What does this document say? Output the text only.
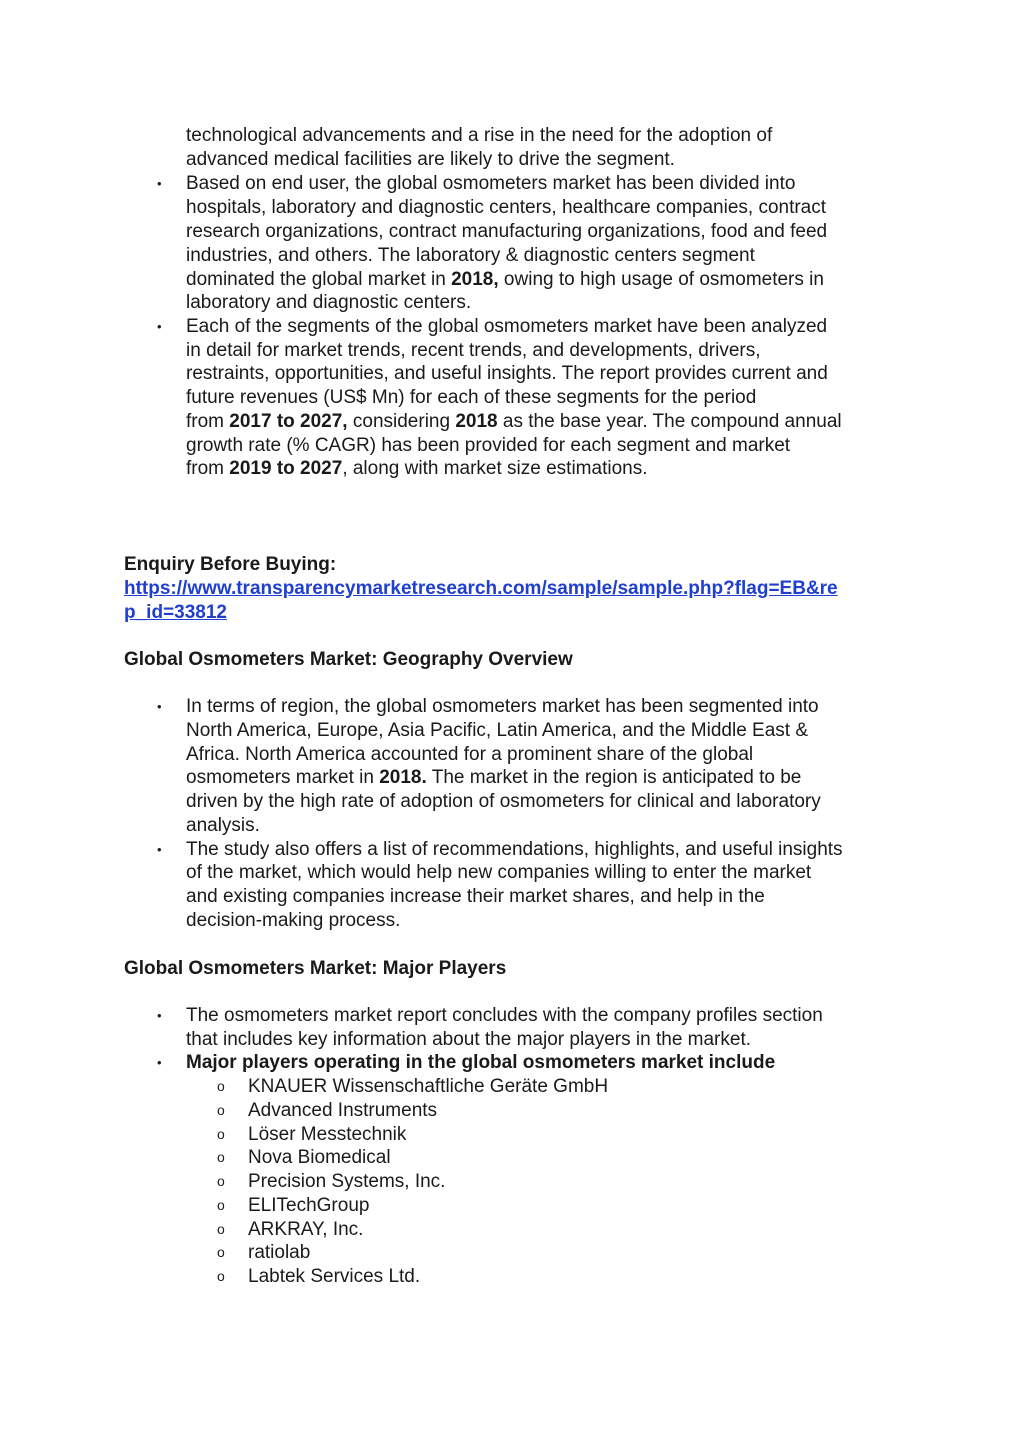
technological advancements and a rise in the need for the adoption of
advanced medical facilities are likely to drive the segment.
• Based on end user, the global osmometers market has been divided into
hospitals, laboratory and diagnostic centers, healthcare companies, contract
research organizations, contract manufacturing organizations, food and feed
industries, and others. The laboratory & diagnostic centers segment
dominated the global market in 2018, owing to high usage of osmometers in
laboratory and diagnostic centers.
• Each of the segments of the global osmometers market have been analyzed
in detail for market trends, recent trends, and developments, drivers,
restraints, opportunities, and useful insights. The report provides current and
future revenues (US$ Mn) for each of these segments for the period
from 2017 to 2027, considering 2018 as the base year. The compound annual
growth rate (% CAGR) has been provided for each segment and market
from 2019 to 2027, along with market size estimations.
Enquiry Before Buying:
https://www.transparencymarketresearch.com/sample/sample.php?flag=EB&re
p_id=33812
Global Osmometers Market: Geography Overview
• In terms of region, the global osmometers market has been segmented into
North America, Europe, Asia Pacific, Latin America, and the Middle East &
Africa. North America accounted for a prominent share of the global
osmometers market in 2018. The market in the region is anticipated to be
driven by the high rate of adoption of osmometers for clinical and laboratory
analysis.
• The study also offers a list of recommendations, highlights, and useful insights
of the market, which would help new companies willing to enter the market
and existing companies increase their market shares, and help in the
decision-making process.
Global Osmometers Market: Major Players
• The osmometers market report concludes with the company profiles section
that includes key information about the major players in the market.
• Major players operating in the global osmometers market include
o KNAUER Wissenschaftliche Geräte GmbH
o Advanced Instruments
o Löser Messtechnik
o Nova Biomedical
o Precision Systems, Inc.
o ELITechGroup
o ARKRAY, Inc.
o ratiolab
o Labtek Services Ltd.
